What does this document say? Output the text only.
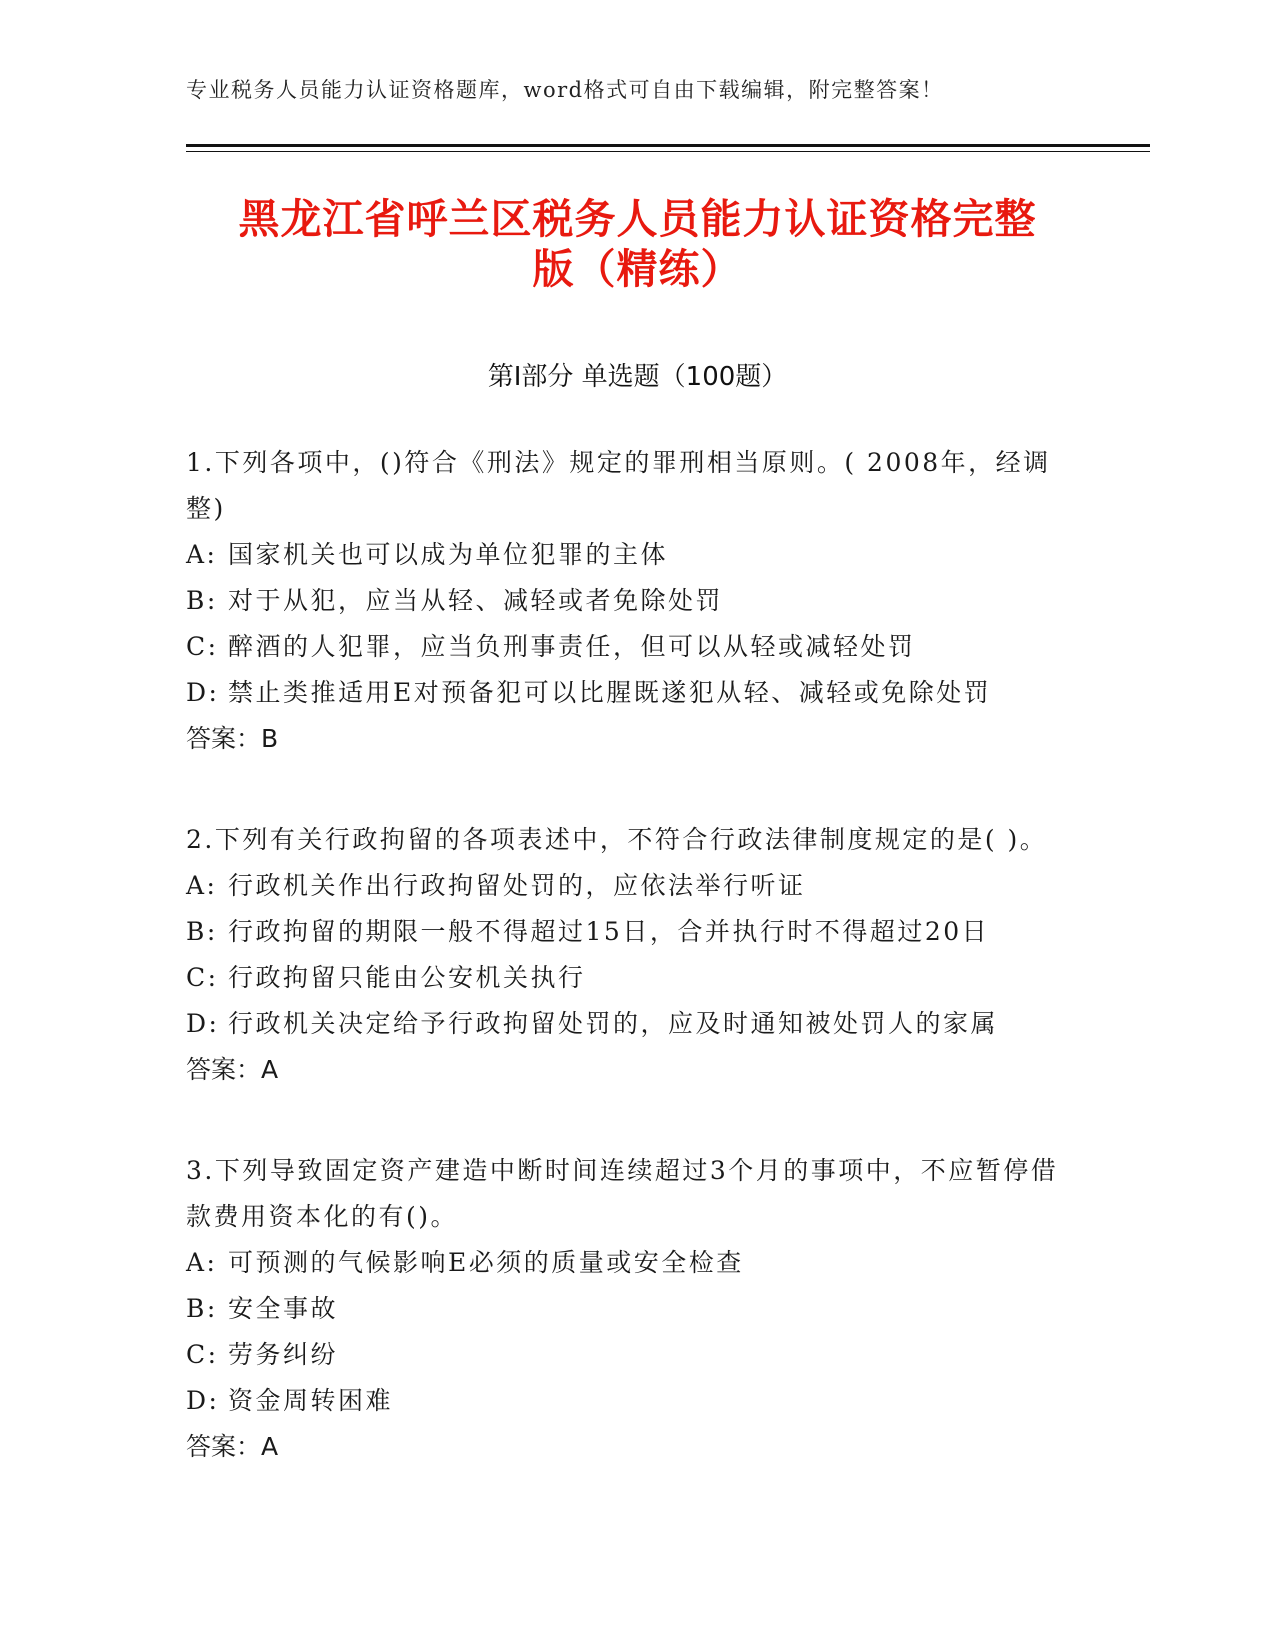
专业税务人员能力认证资格题库，word格式可自由下载编辑，附完整答案！
黑龙江省呼兰区税务人员能力认证资格完整
版（精练）
第I部分 单选题（100题）

1.下列各项中，()符合《刑法》规定的罪刑相当原则。( 2008年，经调整)

A: 国家机关也可以成为单位犯罪的主体

B: 对于从犯，应当从轻、减轻或者免除处罚

C: 醉酒的人犯罪，应当负刑事责任，但可以从轻或减轻处罚

D: 禁止类推适用E对预备犯可以比腥既遂犯从轻、减轻或免除处罚

答案：B

2.下列有关行政拘留的各项表述中，不符合行政法律制度规定的是( )。

A: 行政机关作出行政拘留处罚的，应依法举行听证

B: 行政拘留的期限一般不得超过15日，合并执行时不得超过20日

C: 行政拘留只能由公安机关执行

D: 行政机关决定给予行政拘留处罚的，应及时通知被处罚人的家属

答案：A

3.下列导致固定资产建造中断时间连续超过3个月的事项中，不应暂停借款费用资本化的有()。

A: 可预测的气候影响E必须的质量或安全检查

B: 安全事故

C: 劳务纠纷

D: 资金周转困难

答案：A
